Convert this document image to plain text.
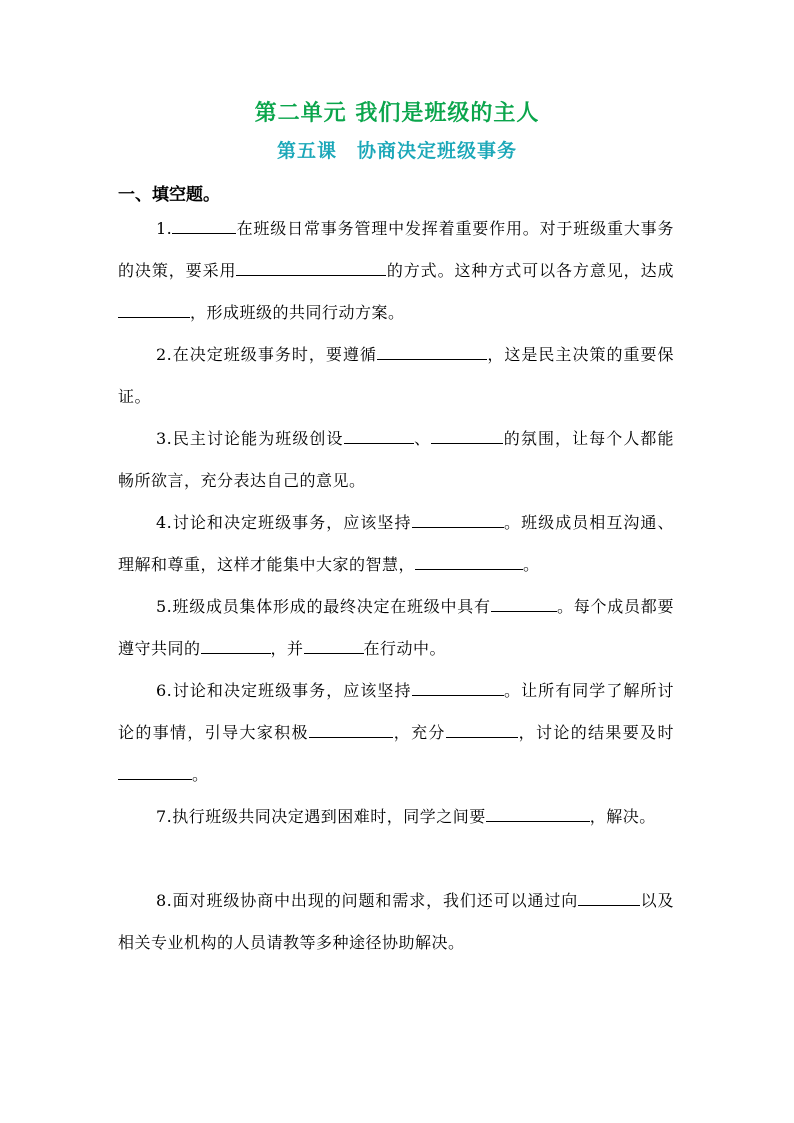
第二单元 我们是班级的主人
第五课　协商决定班级事务
一、填空题。
1.	在班级日常事务管理中发挥着重要作用。对于班级重大事务的决策，要采用	的方式。这种方式可以各方意见，达成，形成班级的共同行动方案。
2.在决定班级事务时，要遵循	，这是民主决策的重要保证。
3.民主讨论能为班级创设	、	的氛围，让每个人都能畅所欲言，充分表达自己的意见。
4.讨论和决定班级事务，应该坚持	。班级成员相互沟通、理解和尊重，这样才能集中大家的智慧，	。
5.班级成员集体形成的最终决定在班级中具有	。每个成员都要遵守共同的	，并	在行动中。
6.讨论和决定班级事务，应该坚持	。让所有同学了解所讨论的事情，引导大家积极	，充分	，讨论的结果要及时。
7.执行班级共同决定遇到困难时，同学之间要	，解决。
8.面对班级协商中出现的问题和需求，我们还可以通过向	以及相关专业机构的人员请教等多种途径协助解决。
